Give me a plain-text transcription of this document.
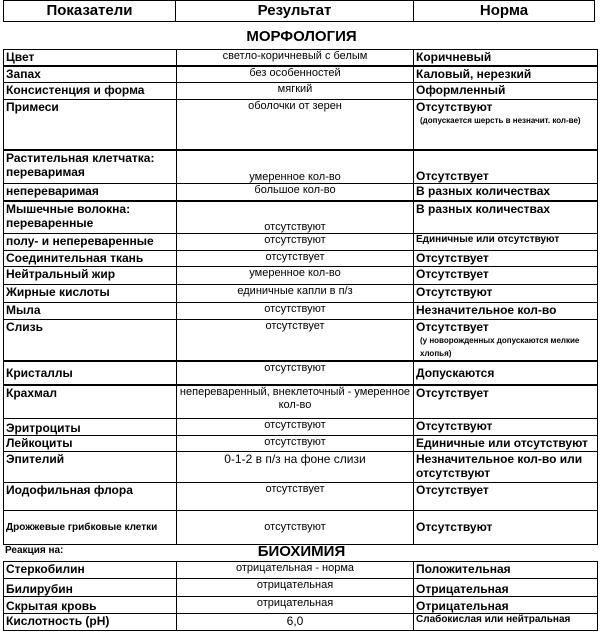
Показатели	Результат	Норма
МОРФОЛОГИЯ
Цвет	светло-коричневый с белым	Коричневый
Запах	без особенностей	Каловый, нерезкий
Консистенция и форма	мягкий	Оформленный
Примеси	оболочки от зерен	Отсутствуют
(допускается шерсть в незначит. кол-ве)

Растительная клетчатка: переваримая	умеренное кол-во	Отсутствует
непереваримая	большое кол-во	В разных количествах
Мышечные волокна: переваренные	отсутствуют	В разных количествах
полу- и непереваренные	отсутствуют	Единичные или отсутствуют
Соединительная ткань	отсутствует	Отсутствует
Нейтральный жир	умеренное кол-во	Отсутствует
Жирные кислоты	единичные капли в п/з	Отсутствуют
Мыла	отсутствуют	Незначительное кол-во
Слизь	отсутствует	Отсутствует
(у новорожденных допускаются мелкие хлопья)

Кристаллы	отсутствуют	Допускаются
Крахмал	непереваренный, внеклеточный - умеренное кол-во	Отсутствует
Эритроциты	отсутствуют	Отсутствуют
Лейкоциты	отсутствуют	Единичные или отсутствуют
Эпителий	0-1-2 в п/з на фоне слизи	Незначительное кол-во или отсутствуют
Иодофильная флора	отсутствует	Отсутствует
Дрожжевые грибковые клетки	отсутствуют	Отсутствуют
Реакция на:	БИОХИМИЯ
Стеркобилин	отрицательная - норма	Положительная
Билирубин	отрицательная	Отрицательная
Скрытая кровь	отрицательная	Отрицательная
Кислотность (pH)	6,0	Слабокислая или нейтральная
